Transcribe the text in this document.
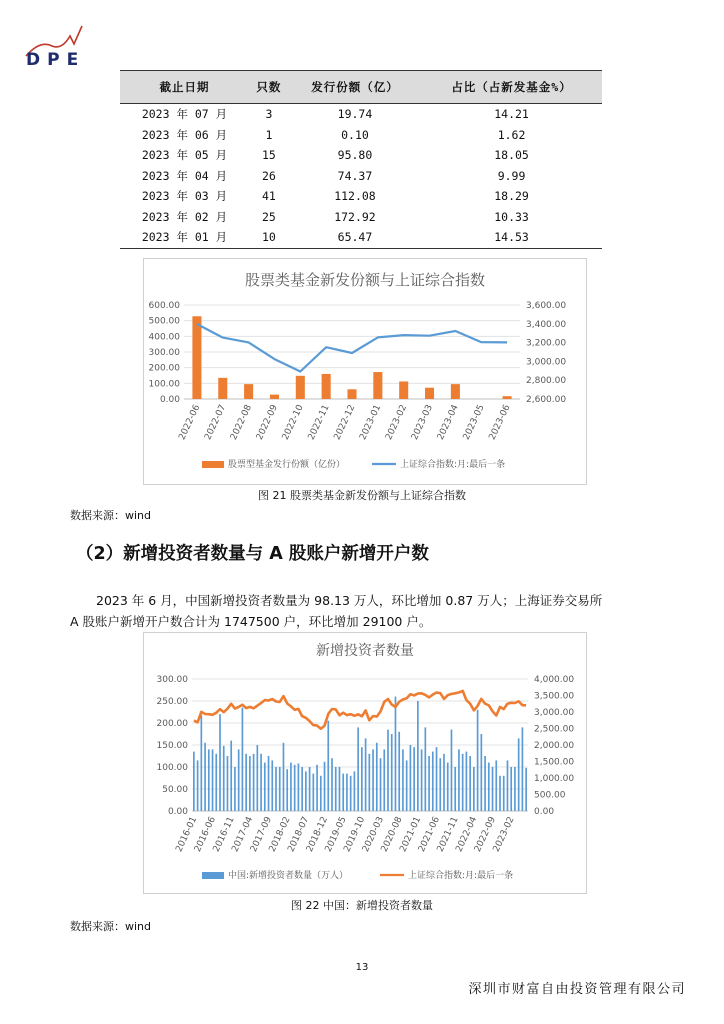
DPE
截止日期	只数	发行份额（亿）	占比（占新发基金%）
2023 年 07 月	3	19.74	14.21
2023 年 06 月	1	0.10	1.62
2023 年 05 月	15	95.80	18.05
2023 年 04 月	26	74.37	9.99
2023 年 03 月	41	112.08	18.29
2023 年 02 月	25	172.92	10.33
2023 年 01 月	10	65.47	14.53
股票类基金新发份额与上证综合指数
600.00
500.00
400.00
300.00
200.00
100.00
0.00
3,600.00
3,400.00
3,200.00
3,000.00
2,800.00
2,600.00
2022-06 2022-07 2022-08 2022-09 2022-10 2022-11 2022-12 2023-01 2023-02 2023-03 2023-04 2023-05 2023-06
股票型基金发行份额（亿份）	上证综合指数:月:最后一条
图 21 股票类基金新发份额与上证综合指数
数据来源：wind
（2）新增投资者数量与 A 股账户新增开户数
2023 年 6 月，中国新增投资者数量为 98.13 万人，环比增加 0.87 万人；上海证券交易所
A 股账户新增开户数合计为 1747500 户，环比增加 29100 户。
新增投资者数量
300.00
250.00
200.00
150.00
100.00
50.00
0.00
4,000.00
3,500.00
3,000.00
2,500.00
2,000.00
1,500.00
1,000.00
500.00
0.00
2016-01
2016-06
2016-11
2017-04
2017-09
2018-02
2018-07
2018-12
2019-05
2019-10
2020-03
2020-08
2021-01
2021-06
2021-11
2022-04
2022-09
2023-02
中国:新增投资者数量（万人）	上证综合指数:月:最后一条
图 22 中国：新增投资者数量
数据来源：wind
13
深圳市财富自由投资管理有限公司
